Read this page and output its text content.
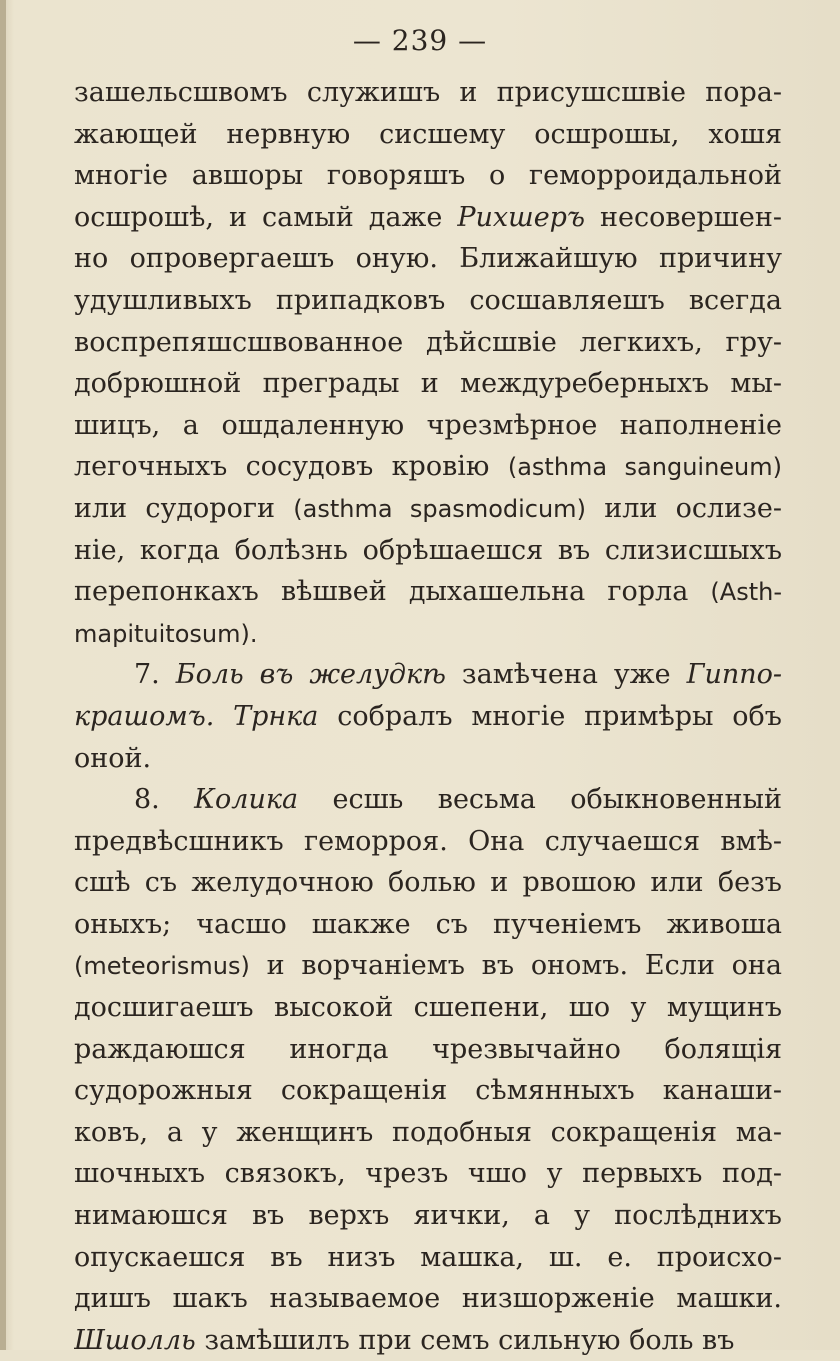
— 239 —
зашельсшвомъ служишъ и присушсшвіе пора-
жающей нервную сисшему осшрошы, хошя
многіе авшоры говоряшъ о геморроидальной
осшрошѣ, и самый даже Рихшеръ несовершен-
но опровергаешъ оную. Ближайшую причину
удушливыхъ припадковъ сосшавляешъ всегда
воспрепяшсшвованное дѣйсшвіе легкихъ, гру-
добрюшной преграды и междуреберныхъ мы-
шицъ, а ошдаленную чрезмѣрное наполненіе
легочныхъ сосудовъ кровію (asthma sanguineum)
или судороги (asthma spasmodicum) или ослизе-
ніе, когда болѣзнь обрѣшаешся въ слизисшыхъ
перепонкахъ вѣшвей дыхашельна горла (Asth-
mapituitosum).
7. Боль въ желудкѣ замѣчена уже Гиппо-
крашомъ. Трнка собралъ многіе примѣры объ
оной.
8. Колика есшь весьма обыкновенный
предвѣсшникъ геморроя. Она случаешся вмѣ-
сшѣ съ желудочною болью и рвошою или безъ
оныхъ; часшо шакже съ пученіемъ живоша
(meteorismus) и ворчаніемъ въ ономъ. Если она
досшигаешъ высокой сшепени, шо у мущинъ
раждаюшся иногда чрезвычайно болящія
судорожныя сокращенія сѣмянныхъ канаши-
ковъ, а у женщинъ подобныя сокращенія ма-
шочныхъ связокъ, чрезъ чшо у первыхъ под-
нимаюшся въ верхъ яички, а у послѣднихъ
опускаешся въ низъ машка, ш. е. происхо-
дишъ шакъ называемое низшорженіе машки.
Шшолль замѣшилъ при семъ сильную боль въ
